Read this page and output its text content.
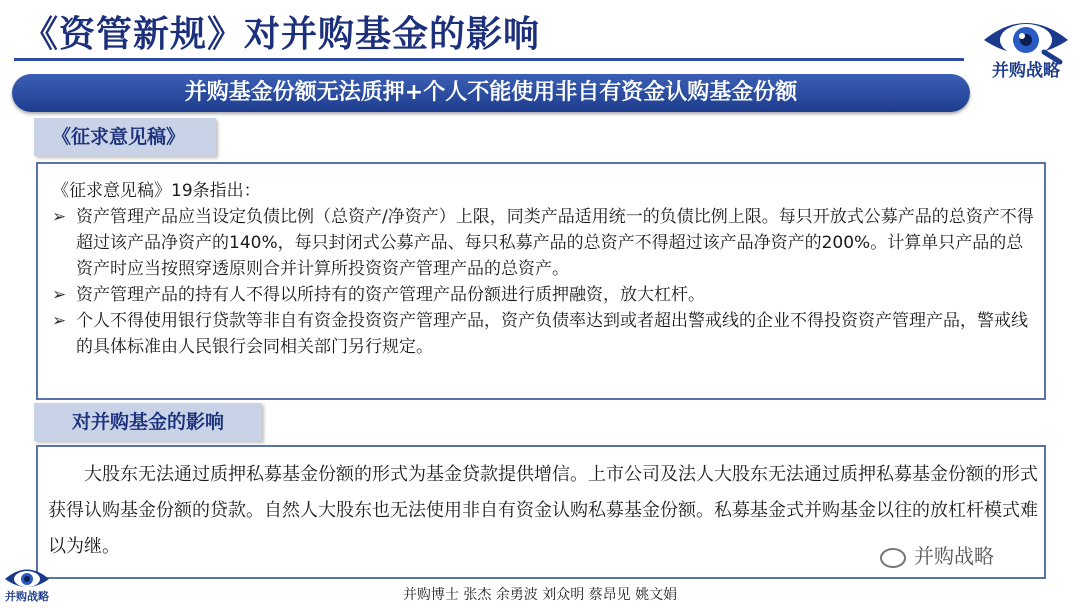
《资管新规》对并购基金的影响
并购战略
并购基金份额无法质押+个人不能使用非自有资金认购基金份额
《征求意见稿》

《征求意见稿》19条指出：

➢ 资产管理产品应当设定负债比例（总资产/净资产）上限，同类产品适用统一的负债比例上限。每只开放式公募产品的总资产不得超过该产品净资产的140%，每只封闭式公募产品、每只私募产品的总资产不得超过该产品净资产的200%。计算单只产品的总资产时应当按照穿透原则合并计算所投资资产管理产品的总资产。
➢ 资产管理产品的持有人不得以所持有的资产管理产品份额进行质押融资，放大杠杆。
➢ 个人不得使用银行贷款等非自有资金投资资产管理产品，资产负债率达到或者超出警戒线的企业不得投资资产管理产品，警戒线的具体标准由人民银行会同相关部门另行规定。

大股东无法通过质押私募基金份额的形式为基金贷款提供增信。上市公司及法人大股东无法通过质押私募基金份额的形式获得认购基金份额的贷款。自然人大股东也无法使用非自有资金认购私募基金份额。私募基金式并购基金以往的放杠杆模式难以为继。

对并购基金的影响
并购战略
并购战略	并购博士 张杰 余勇波 刘众明 蔡昂见 姚文娟
